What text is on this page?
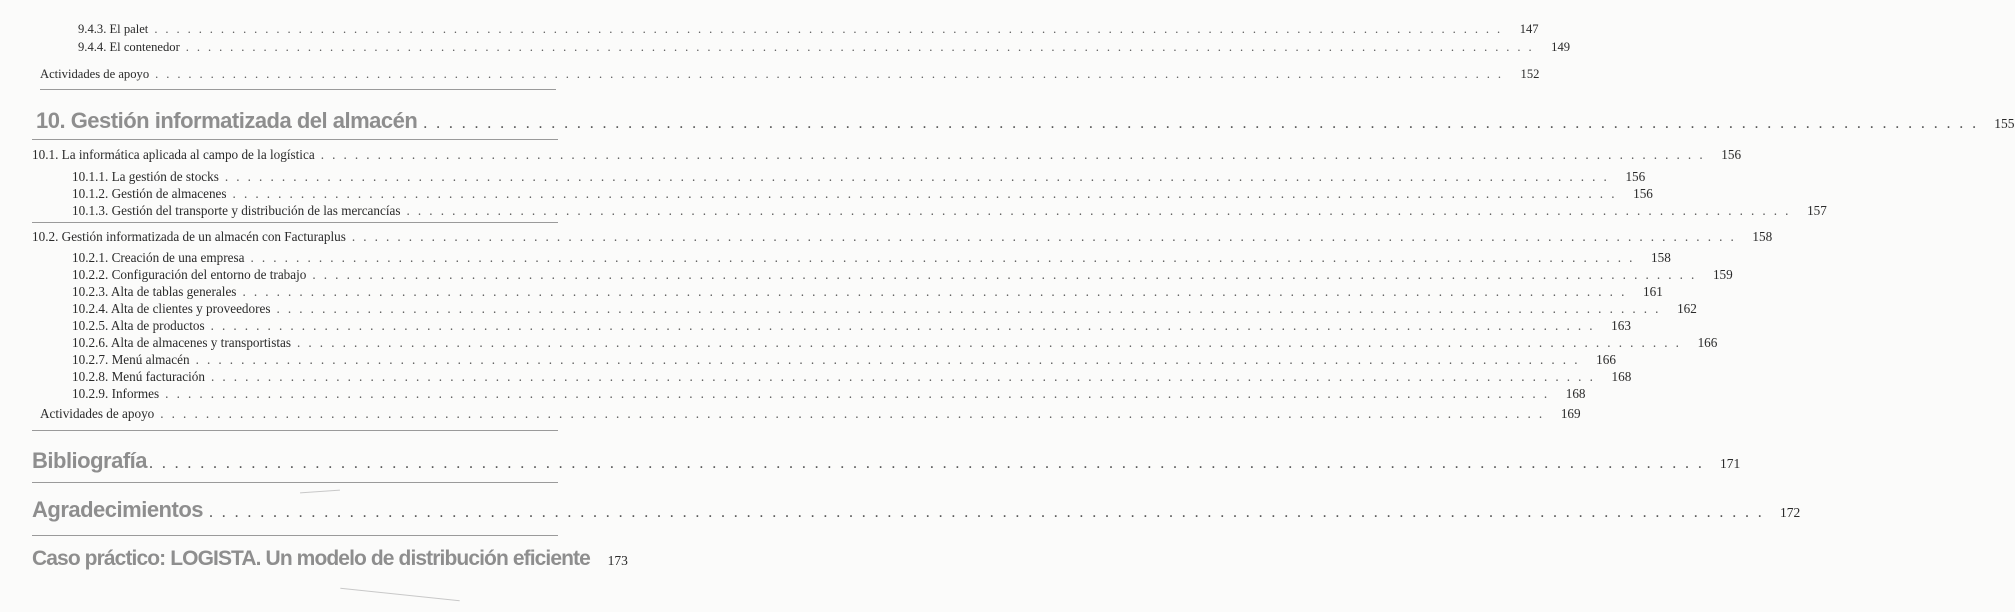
9.4.3. El palet . . .	147
9.4.4. El contenedor . . .	149
Actividades de apoyo . . .	152
10. Gestión informatizada del almacén . . .	155
10.1. La informática aplicada al campo de la logística . . .	156
10.1.1. La gestión de stocks . . .	156
10.1.2. Gestión de almacenes . . .	156
10.1.3. Gestión del transporte y distribución de las mercancías . . .	157
10.2. Gestión informatizada de un almacén con Facturaplus . . .	158
10.2.1. Creación de una empresa . . .	158
10.2.2. Configuración del entorno de trabajo . . .	159
10.2.3. Alta de tablas generales . . .	161
10.2.4. Alta de clientes y proveedores . . .	162
10.2.5. Alta de productos . . .	163
10.2.6. Alta de almacenes y transportistas . . .	166
10.2.7. Menú almacén . . .	166
10.2.8. Menú facturación . . .	168
10.2.9. Informes . . .	168
Actividades de apoyo . . .	169
Bibliografía . . .	171
Agradecimientos . . .	172
Caso práctico: LOGISTA. Un modelo de distribución eficiente	173
